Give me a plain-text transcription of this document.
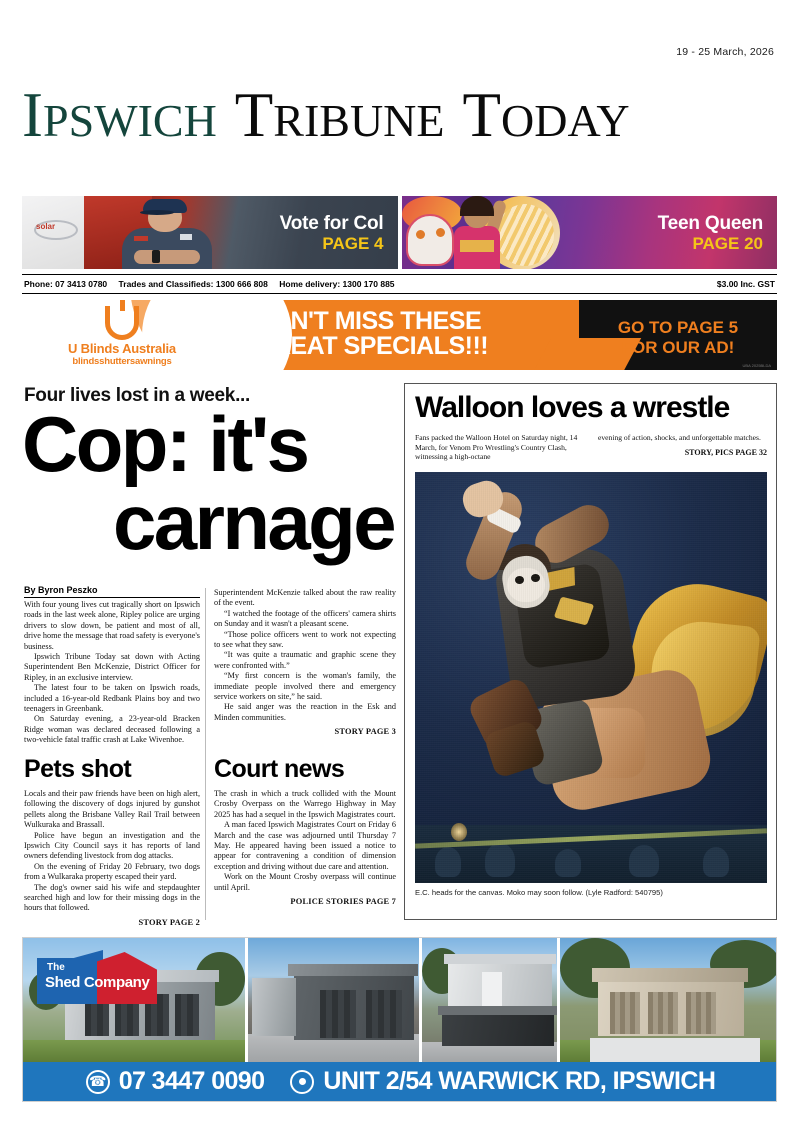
19 - 25 March, 2026
IPSWICH TRIBUNE TODAY
solar	Vote for Col
PAGE 4
Teen Queen
PAGE 20
Phone: 07 3413 0780 Trades and Classifieds: 1300 666 808 Home delivery: 1300 170 885	$3.00 Inc. GST
U Blinds Australia
blindsshuttersawnings
DON'T MISS THESE
GREAT SPECIALS!!!
GO TO PAGE 5
FOR OUR AD!
UBA 2025BLDA
Four lives lost in a week...
Cop: it's
carnage
By Byron Peszko

With four young lives cut tragically short on Ipswich roads in the last week alone, Ripley police are urging drivers to slow down, be patient and most of all, drive home the message that road safety is everyone's business.

Ipswich Tribune Today sat down with Acting Superintendent Ben McKenzie, District Officer for Ripley, in an exclusive interview.

The latest four to be taken on Ipswich roads, included a 16-year-old Redbank Plains boy and two teenagers in Greenbank.

On Saturday evening, a 23-year-old Bracken Ridge woman was declared deceased following a two-vehicle fatal traffic crash at Lake Wivenhoe.

Superintendent McKenzie talked about the raw reality of the event.

“I watched the footage of the officers' camera shirts on Sunday and it wasn't a pleasant scene.

“Those police officers went to work not expecting to see what they saw.

“It was quite a traumatic and graphic scene they were confronted with.”

“My first concern is the woman's family, the immediate people involved there and emergency service workers on site,” he said.

He said anger was the reaction in the Esk and Minden communities.

STORY PAGE 3
Pets shot

Locals and their paw friends have been on high alert, following the discovery of dogs injured by gunshot pellets along the Brisbane Valley Rail Trail between Wulkuraka and Brassall.

Police have begun an investigation and the Ipswich City Council says it has reports of land owners defending livestock from dog attacks.

On the evening of Friday 20 February, two dogs from a Wulkaraka property escaped their yard.

The dog's owner said his wife and stepdaughter searched high and low for their missing dogs in the hours that followed.

STORY PAGE 2
Court news

The crash in which a truck collided with the Mount Crosby Overpass on the Warrego Highway in May 2025 has had a sequel in the Ipswich Magistrates court.

A man faced Ipswich Magistrates Court on Friday 6 March and the case was adjourned until Thursday 7 May. He appeared having been issued a notice to appear for contravening a condition of dimension exception and driving without due care and attention.

Work on the Mount Crosby overpass will continue until April.

POLICE STORIES PAGE 7
Walloon loves a wrestle
Fans packed the Walloon Hotel on Saturday night, 14 March, for Venom Pro Wrestling's Country Clash, witnessing a high-octane
evening of action, shocks, and unforgettable matches.
STORY, PICS PAGE 32
E.C. heads for the canvas. Moko may soon follow. (Lyle Radford: 540795)
The
Shed Company
☎
07 3447 0090 UNIT 2/54 WARWICK RD, IPSWICH
